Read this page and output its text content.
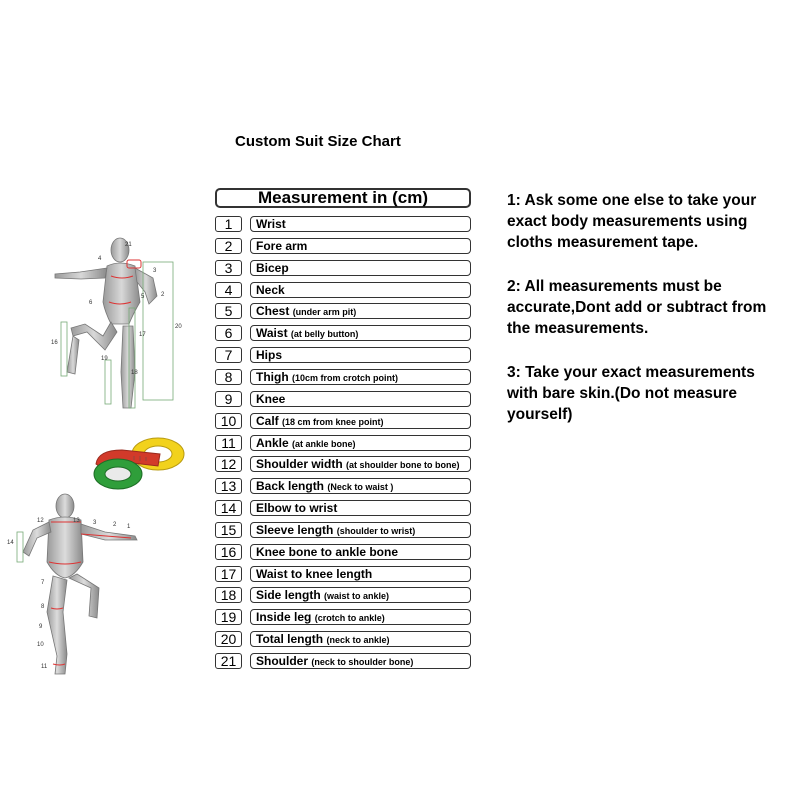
Custom Suit Size Chart
Measurement in (cm)
1	Wrist
2	Fore arm
3	Bicep
4	Neck
5	Chest (under arm pit)
6	Waist (at belly button)
7	Hips
8	Thigh (10cm from crotch point)
9	Knee
10	Calf (18 cm from knee point)
11	Ankle (at ankle bone)
12	Shoulder width (at shoulder bone to bone)
13	Back length (Neck to waist )
14	Elbow to wrist
15	Sleeve length (shoulder to wrist)
16	Knee bone to ankle bone
17	Waist to knee length
18	Side length (waist to ankle)
19	Inside leg (crotch to ankle)
20	Total length (neck to ankle)
21	Shoulder (neck to shoulder bone)
1: Ask some one else to take your exact body measurements using cloths measurement tape.
2: All measurements must be accurate,Dont add or subtract from the measurements.
3: Take your exact measurements with bare skin.(Do not measure yourself)
21
4
3
2
6
5
16
19
17
18
20
12	13 3	2 1
14
7
8
9
10
11
